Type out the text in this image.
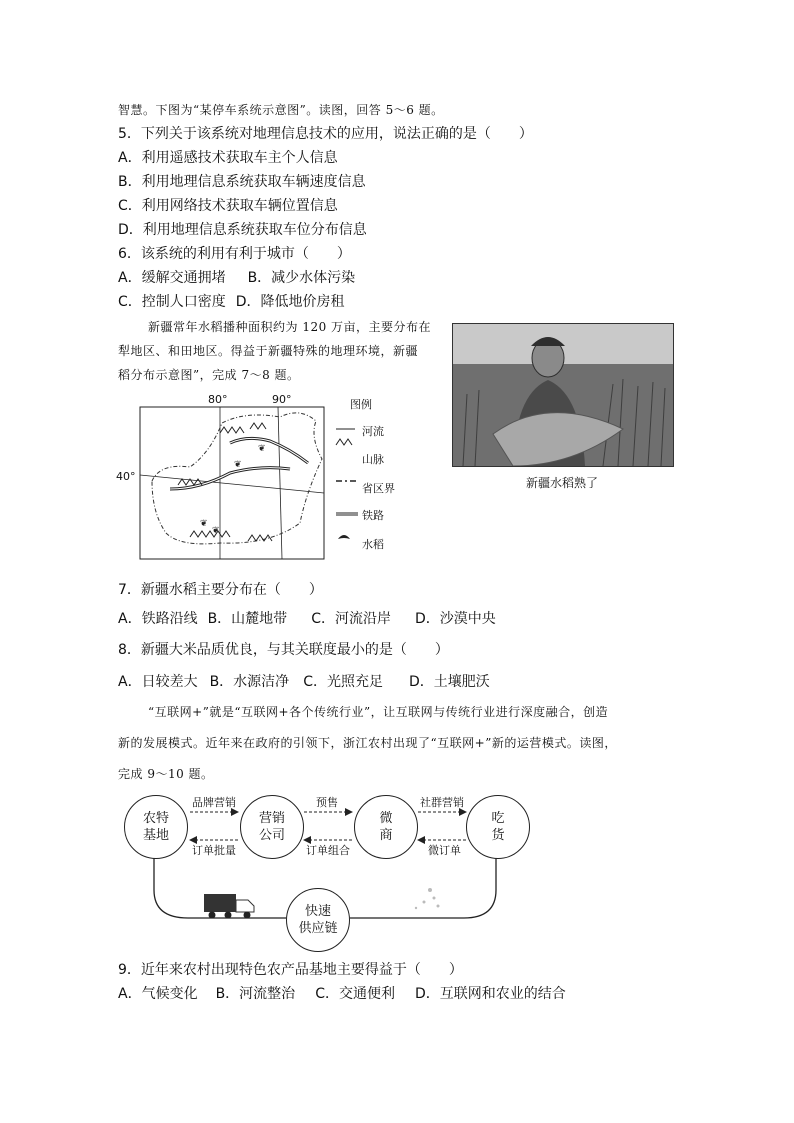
智慧。下图为“某停车系统示意图”。读图，回答 5～6 题。
5．下列关于该系统对地理信息技术的应用，说法正确的是（　　）
A．利用遥感技术获取车主个人信息
B．利用地理信息系统获取车辆速度信息
C．利用网络技术获取车辆位置信息
D．利用地理信息系统获取车位分布信息
6．该系统的利用有利于城市（　　）
A．缓解交通拥堵 B．减少水体污染
C．控制人口密度 D．降低地价房租
新疆常年水稻播种面积约为 120 万亩，主要分布在
犁地区、和田地区。得益于新疆特殊的地理环境，新疆
稻分布示意图”，完成 7～8 题。
新疆水稻熟了
❦
❦
❦
❦
80°	90°
40°
图例
河流
山脉
省区界
铁路
水稻
7．新疆水稻主要分布在（　　）
A．铁路沿线 B．山麓地带 C．河流沿岸 D．沙漠中央
8．新疆大米品质优良，与其关联度最小的是（　　）
A．日较差大 B．水源洁净 C．光照充足 D．土壤肥沃
“互联网+”就是“互联网+各个传统行业”，让互联网与传统行业进行深度融合，创造
新的发展模式。近年来在政府的引领下，浙江农村出现了“互联网+”新的运营模式。读图，
完成 9～10 题。
农特
基地
营销
公司
微
商
吃
货
快速
供应链
品牌营销	预售	社群营销
订单批量	订单组合	微订单
9．近年来农村出现特色农产品基地主要得益于（　　）
A．气候变化 B．河流整治 C．交通便利 D．互联网和农业的结合
